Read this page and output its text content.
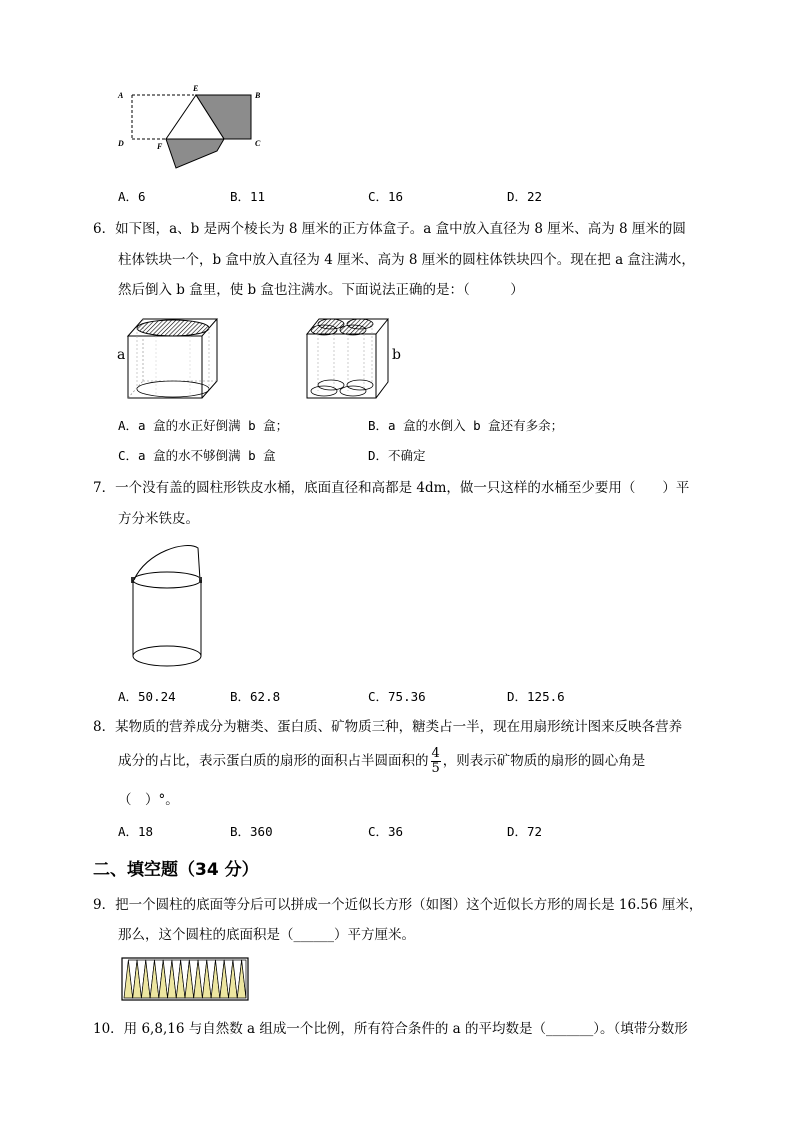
A
E
B
D	F	C
A．6	B．11	C．16	D．22
6．如下图，a、b 是两个棱长为 8 厘米的正方体盒子。a 盒中放入直径为 8 厘米、高为 8 厘米的圆
柱体铁块一个，b 盒中放入直径为 4 厘米、高为 8 厘米的圆柱体铁块四个。现在把 a 盒注满水，
然后倒入 b 盒里，使 b 盒也注满水。下面说法正确的是：（　　　）
a	b
A．a 盒的水正好倒满 b 盒；	B．a 盒的水倒入 b 盒还有多余；
C．a 盒的水不够倒满 b 盒	D．不确定
7．一个没有盖的圆柱形铁皮水桶，底面直径和高都是 4dm，做一只这样的水桶至少要用（　　）平
方分米铁皮。
A．50.24	B．62.8	C．75.36	D．125.6
8．某物质的营养成分为糖类、蛋白质、矿物质三种，糖类占一半，现在用扇形统计图来反映各营养
成分的占比，表示蛋白质的扇形的面积占半圆面积的 $\frac{4}{5}$ ，则表示矿物质的扇形的圆心角是
（　）°。
A．18	B．360	C．36	D．72
二、填空题（34 分）
9．把一个圆柱的底面等分后可以拼成一个近似长方形（如图）这个近似长方形的周长是 16.56 厘米，
那么，这个圆柱的底面积是（______）平方厘米。
10．用 6,8,16 与自然数 a 组成一个比例，所有符合条件的 a 的平均数是（_______）。（填带分数形
